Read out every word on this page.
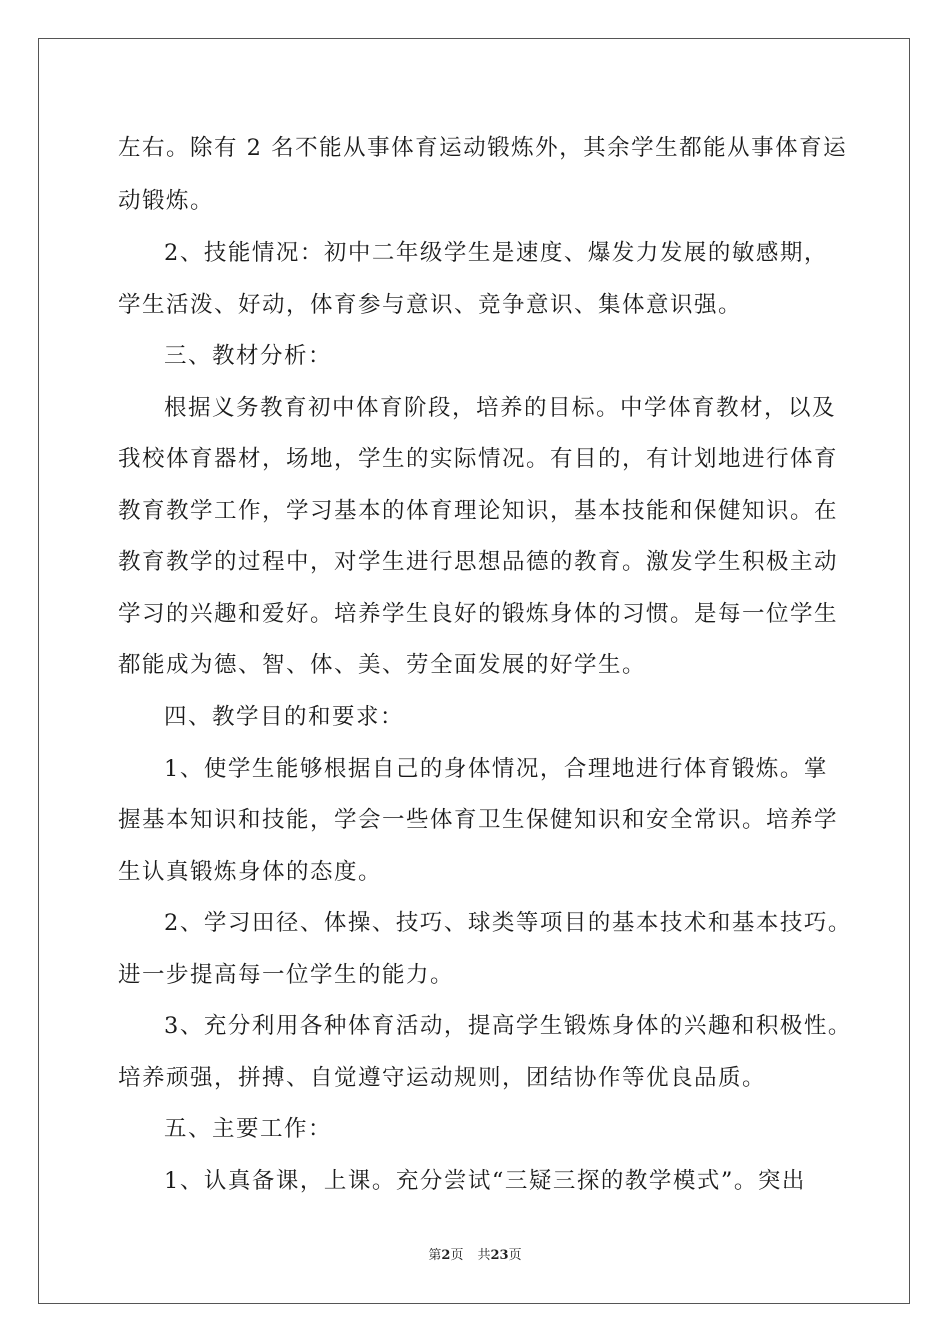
左右。除有 2 名不能从事体育运动锻炼外，其余学生都能从事体育运
动锻炼。
2、技能情况：初中二年级学生是速度、爆发力发展的敏感期，
学生活泼、好动，体育参与意识、竞争意识、集体意识强。
三、教材分析：
根据义务教育初中体育阶段，培养的目标。中学体育教材，以及
我校体育器材，场地，学生的实际情况。有目的，有计划地进行体育
教育教学工作，学习基本的体育理论知识，基本技能和保健知识。在
教育教学的过程中，对学生进行思想品德的教育。激发学生积极主动
学习的兴趣和爱好。培养学生良好的锻炼身体的习惯。是每一位学生
都能成为德、智、体、美、劳全面发展的好学生。
四、教学目的和要求：
1、使学生能够根据自己的身体情况，合理地进行体育锻炼。掌
握基本知识和技能，学会一些体育卫生保健知识和安全常识。培养学
生认真锻炼身体的态度。
2、学习田径、体操、技巧、球类等项目的基本技术和基本技巧。
进一步提高每一位学生的能力。
3、充分利用各种体育活动，提高学生锻炼身体的兴趣和积极性。
培养顽强，拼搏、自觉遵守运动规则，团结协作等优良品质。
五、主要工作：
1、认真备课，上课。充分尝试“三疑三探的教学模式”。突出
第2页 共23页
